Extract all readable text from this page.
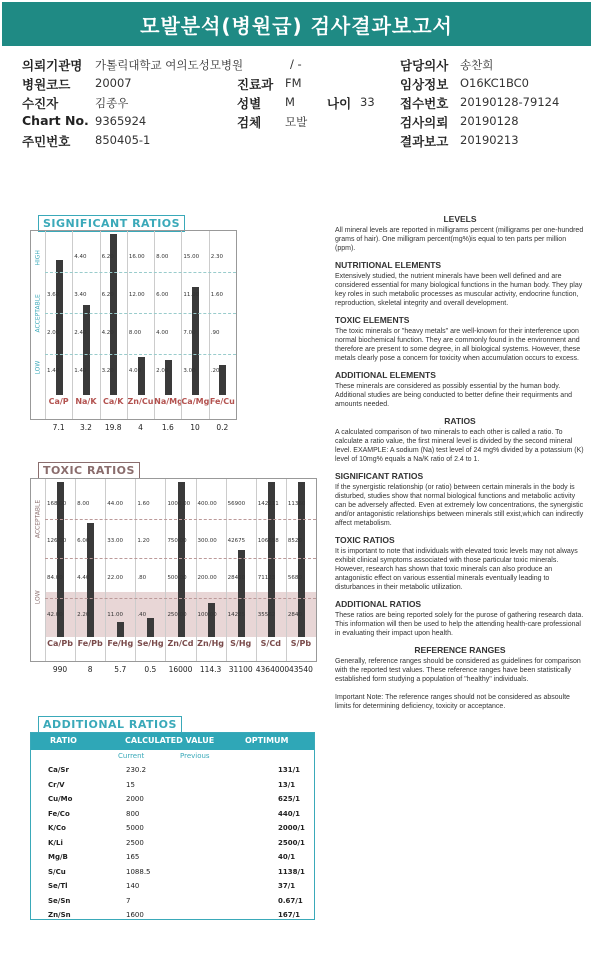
모발분석(병원급) 검사결과보고서
의뢰기관명 가톨릭대학교 여의도성모병원
병원코드 20007
수진자	김종우
Chart No. 9365924
주민번호 850405-1
/ -
진료과 FM
성별 M	나이 33
검체 모발
담당의사 송찬희
임상정보 O16KC1BC0
접수번호 20190128-79124
검사의뢰 20190128
결과보고 20190213
SIGNIFICANT RATIOS
HIGH
ACCEPTABLE
LOW
3.60
2.00
1.40
Ca/P
7.1
4.40
3.40
2.40
1.40
Na/K
3.2
6.20
6.20
4.20
3.20
Ca/K
19.8
16.00
12.00
8.00
4.00
Zn/Cu
4
8.00
6.00
4.00
2.00
Na/Mg
1.6
15.00
11.00
7.00
3.00
Ca/Mg
10
2.30
1.60
.90
.20
Fe/Cu
0.2
TOXIC RATIOS
ACCEPTABLE
LOW
168.00
126.00
84.00
42.00
Ca/Pb
990
8.00
6.00
4.40
2.20
Fe/Pb
8
44.00
33.00
22.00
11.00
Fe/Hg
5.7
1.60
1.20
.80
.40
Se/Hg
0.5
1000.00
750.00
500.00
250.00
Zn/Cd
16000
400.00
300.00
200.00
100.00
Zn/Hg
114.3
56900
42675
28450
14225
S/Hg
31100
142211
106658
71123
35562
S/Cd
4364000
11360
8520
5680
2840
S/Pb
43540
ADDITIONAL RATIOS
RATIO	CALCULATED VALUE	OPTIMUM
Current	Previous
Ca/Sr	230.2	131/1
Cr/V	15	13/1
Cu/Mo	2000	625/1
Fe/Co	800	440/1
K/Co	5000	2000/1
K/Li	2500	2500/1
Mg/B	165	40/1
S/Cu	1088.5	1138/1
Se/Tl	140	37/1
Se/Sn	7	0.67/1
Zn/Sn	1600	167/1
LEVELS

All mineral levels are reported in milligrams percent (milligrams per one-hundred grams of hair). One milligram percent(mg%)is equal to ten parts per million (ppm).

NUTRITIONAL ELEMENTS

Extensively studied, the nutrient minerals have been well defined and are considered essential for many biological functions in the human body. They play key roles in such metabolic processes as muscular activity, endocrine function, reproduction, skeletal integrity and overall development.

TOXIC ELEMENTS

The toxic minerals or "heavy metals" are well-known for their interference upon normal biochemical function. They are commonly found in the environment and therefore are present to some degree, in all biological systems. However, these metals clearly pose a concern for toxicity when accumulation occurs to excess.

ADDITIONAL ELEMENTS

These minerals are considered as possibly essential by the human body. Additional studies are being conducted to better define their requirments and amounts needed.

RATIOS

A calculated comparison of two minerals to each other is called a ratio. To calculate a ratio value, the first mineral level is divided by the second mineral level. EXAMPLE: A sodium (Na) test level of 24 mg% divided by a potassium (K) level of 10mg% equals a Na/K ratio of 2.4 to 1.

SIGNIFICANT RATIOS

If the synergistic relationship (or ratio) between certain minerals in the body is disturbed, studies show that normal biological functions and metabolic activity can be adversely affected. Even at extremely low concentrations, the synergistic and/or antagonistic relationships between minerals still exist,which can indirectly affect metabolism.

TOXIC RATIOS

It is important to note that individuals with elevated toxic levels may not always exhibit clinical symptoms associated with those particular toxic minerals. However, research has shown that toxic minerals can also produce an antagonistic effect on various essential minerals eventually leading to disturbances in their metabolic utilization.

ADDITIONAL RATIOS

These ratios are being reported solely for the purose of gathering research data. This information will then be used to help the attending health-care professional in evaluating their impact upon health.

REFERENCE RANGES

Generally, reference ranges should be considered as guidelines for comparison with the reported test values. These reference ranges have been statistically established form studying a population of "healthy" individuals.

Important Note: The reference ranges should not be considered as absoulte limits for determining deficiency, toxicity or acceptance.
